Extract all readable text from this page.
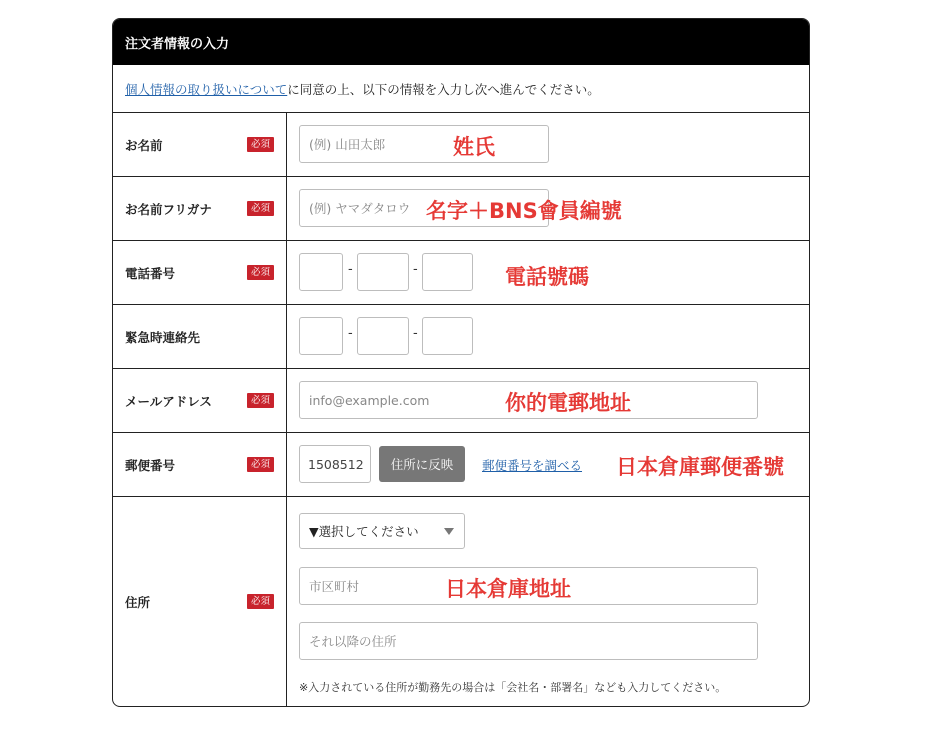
注文者情報の入力
個人情報の取り扱いについて に同意の上、以下の情報を入力し次へ進んでください。
お名前	必須	(例) 山田太郎	姓氏
お名前フリガナ	必須	(例) ヤマダタロウ 名字＋BNS會員編號
電話番号	必須	-	-	電話號碼
緊急時連絡先	-	-
メールアドレス	必須	info@example.com	你的電郵地址
郵便番号	必須	1508512	住所に反映	郵便番号を調べる 日本倉庫郵便番號
住所	必須
▼選択してください
市区町村	日本倉庫地址
それ以降の住所
※入力されている住所が勤務先の場合は「会社名・部署名」なども入力してください。
